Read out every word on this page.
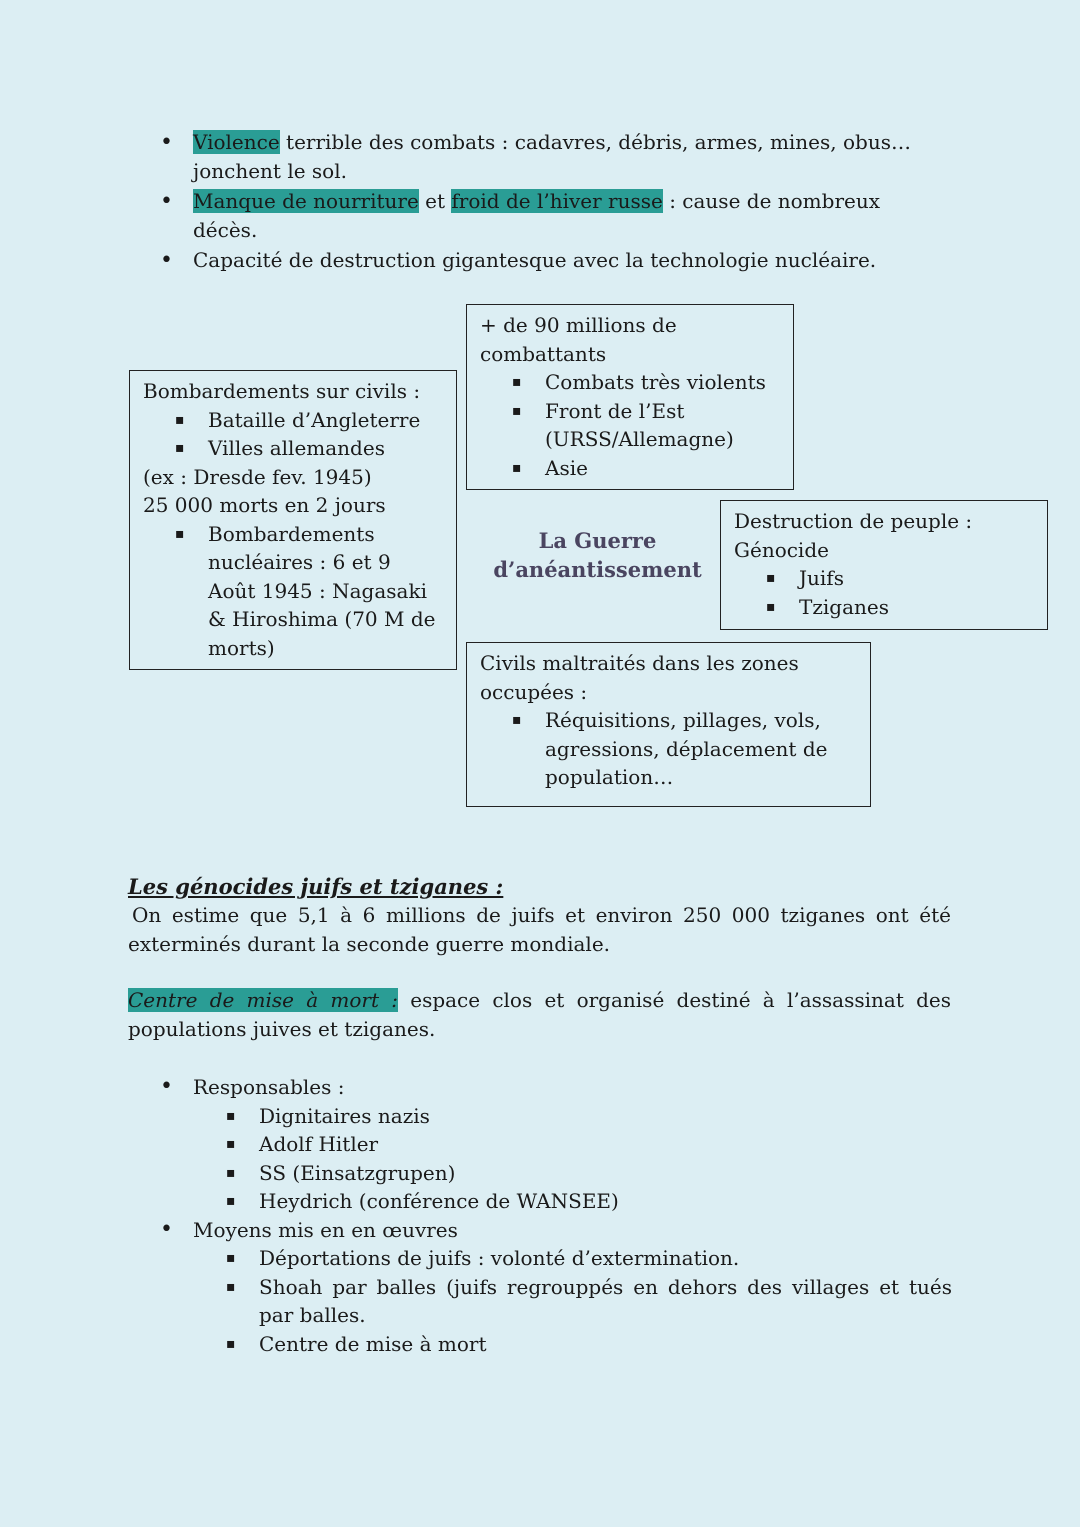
• Violence terrible des combats : cadavres, débris, armes, mines, obus… jonchent le sol.
• Manque de nourriture et froid de l’hiver russe : cause de nombreux décès.
• Capacité de destruction gigantesque avec la technologie nucléaire.
+ de 90 millions de combattants
▪ Combats très violents
▪ Front de l’Est (URSS/Allemagne)
▪ Asie
Bombardements sur civils :
▪ Bataille d’Angleterre
▪ Villes allemandes
(ex : Dresde fev. 1945)
25 000 morts en 2 jours
▪ Bombardements nucléaires : 6 et 9 Août 1945 : Nagasaki & Hiroshima (70 M de morts)
La Guerre d’anéantissement
Destruction de peuple : Génocide
▪ Juifs
▪ Tziganes
Civils maltraités dans les zones occupées :
▪ Réquisitions, pillages, vols, agressions, déplacement de population…
Les génocides juifs et tziganes :
On estime que 5,1 à 6 millions de juifs et environ 250 000 tziganes ont été exterminés durant la seconde guerre mondiale.
Centre de mise à mort : espace clos et organisé destiné à l’assassinat des populations juives et tziganes.
• Responsables :
▪ Dignitaires nazis
▪ Adolf Hitler
▪ SS (Einsatzgrupen)
▪ Heydrich (conférence de WANSEE)
• Moyens mis en en œuvres
▪ Déportations de juifs : volonté d’extermination.
▪ Shoah par balles (juifs regrouppés en dehors des villages et tués par balles.
▪ Centre de mise à mort
